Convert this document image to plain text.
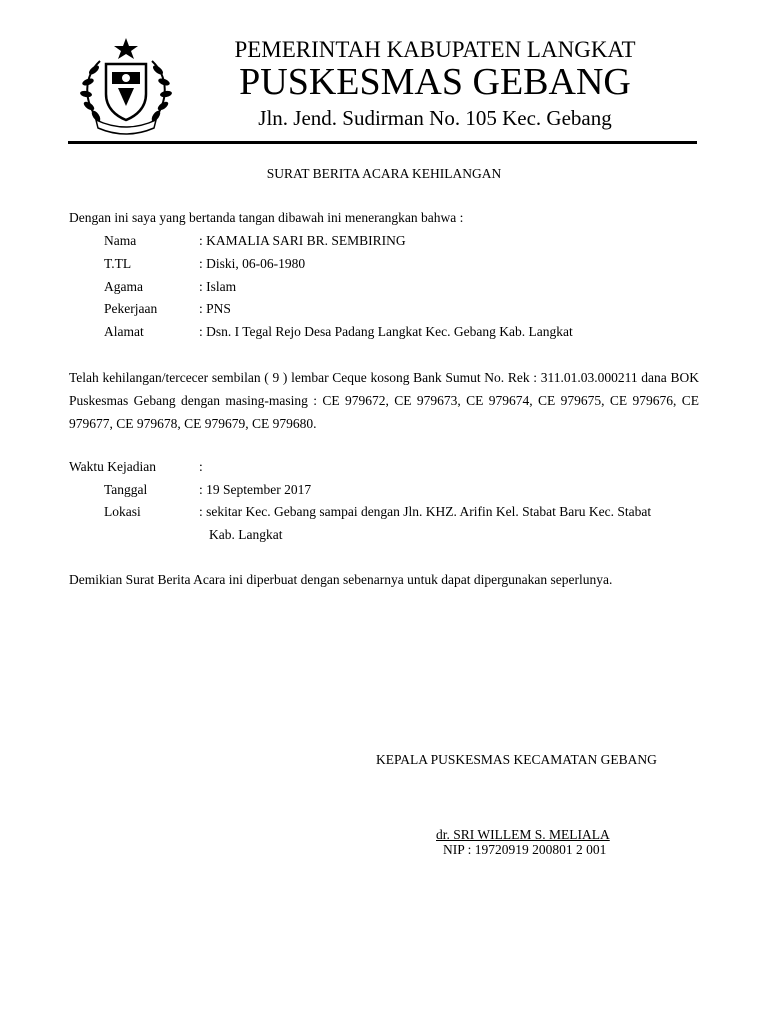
PEMERINTAH KABUPATEN LANGKAT
PUSKESMAS GEBANG
Jln. Jend. Sudirman No. 105 Kec. Gebang
SURAT BERITA ACARA KEHILANGAN
Dengan ini saya yang bertanda tangan dibawah ini menerangkan bahwa :
Nama	: KAMALIA SARI BR. SEMBIRING
T.TL	: Diski, 06-06-1980
Agama	: Islam
Pekerjaan	: PNS
Alamat	: Dsn. I Tegal Rejo Desa Padang Langkat Kec. Gebang Kab. Langkat
Telah kehilangan/tercecer sembilan ( 9 ) lembar Ceque kosong Bank Sumut No. Rek : 311.01.03.000211 dana BOK Puskesmas Gebang dengan masing-masing : CE 979672, CE 979673, CE 979674, CE 979675, CE 979676, CE 979677, CE 979678, CE 979679, CE 979680.
Waktu Kejadian	:
Tanggal	: 19 September 2017
Lokasi	: sekitar Kec. Gebang sampai dengan Jln. KHZ. Arifin Kel. Stabat Baru Kec. Stabat
Kab. Langkat
Demikian Surat Berita Acara ini diperbuat dengan sebenarnya untuk dapat dipergunakan seperlunya.
KEPALA PUSKESMAS KECAMATAN GEBANG
dr. SRI WILLEM S. MELIALA
NIP : 19720919 200801 2 001
